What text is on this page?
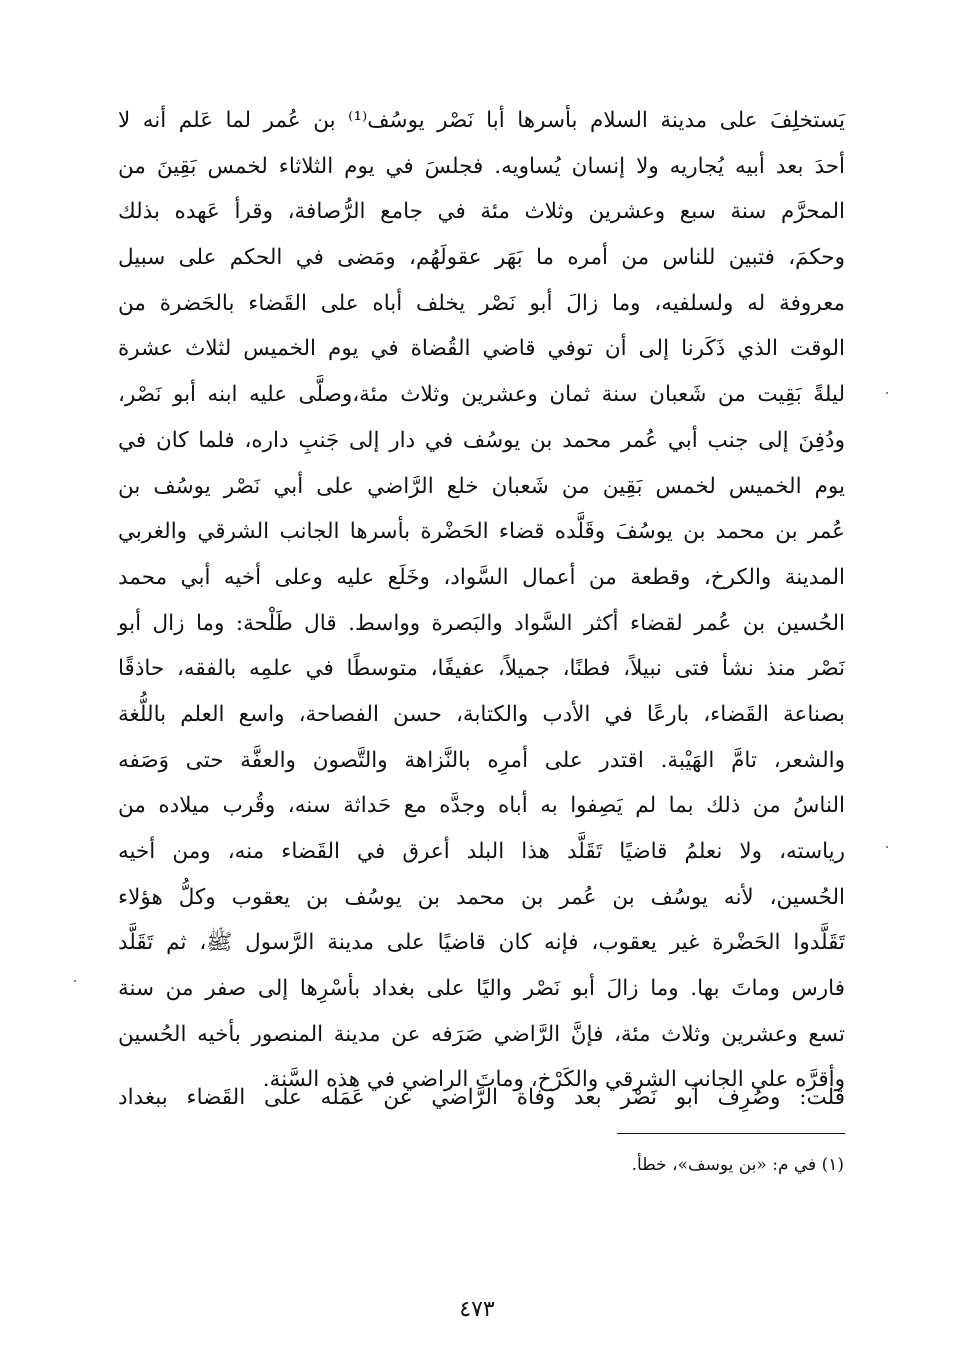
يَستخلِفَ على مدينة السلام بأسرها أبا نَصْر يوسُف⁽¹⁾ بن عُمر لما عَلم أنه لا
أحدَ بعد أبيه يُجاريه ولا إنسان يُساويه. فجلسَ في يوم الثلاثاء لخمس بَقِينَ من
المحرَّم سنة سبع وعشرين وثلاث مئة في جامع الرُّصافة، وقرأ عَهده بذلك
وحكمَ، فتبين للناس من أمره ما بَهَر عقولَهُم، ومَضى في الحكم على سبيل
معروفة له ولسلفيه، وما زالَ أبو نَصْر يخلف أباه على القَضاء بالحَضرة من
الوقت الذي ذَكَرنا إلى أن توفي قاضي القُضاة في يوم الخميس لثلاث عشرة
ليلةً بَقِيت من شَعبان سنة ثمان وعشرين وثلاث مئة،وصلَّى عليه ابنه أبو نَصْر،
ودُفِنَ إلى جنب أبي عُمر محمد بن يوسُف في دار إلى جَنبِ داره، فلما كان في
يوم الخميس لخمس بَقِين من شَعبان خلع الرَّاضي على أبي نَصْر يوسُف بن
عُمر بن محمد بن يوسُفَ وقَلَّده قضاء الحَضْرة بأسرها الجانب الشرقي والغربي
المدينة والكرخ، وقطعة من أعمال السَّواد، وخَلَع عليه وعلى أخيه أبي محمد
الحُسين بن عُمر لقضاء أكثر السَّواد والبَصرة وواسط. قال طَلْحة: وما زال أبو
نَصْر منذ نشأ فتى نبيلاً، فطنًا، جميلاً، عفيفًا، متوسطًا في علمِه بالفقه، حاذقًا
بصناعة القَضاء، بارعًا في الأدب والكتابة، حسن الفصاحة، واسع العلم باللُّغة
والشعر، تامَّ الهَيْبة. اقتدر على أمرِه بالنَّزاهة والتَّصون والعفَّة حتى وَصَفه
الناسُ من ذلك بما لم يَصِفوا به أباه وجدَّه مع حَداثة سنه، وقُرب ميلاده من
رياسته، ولا نعلمُ قاضيًا تَقَلَّد هذا البلد أعرق في القَضاء منه، ومن أخيه
الحُسين، لأنه يوسُف بن عُمر بن محمد بن يوسُف بن يعقوب وكلُّ هؤلاء
تَقَلَّدوا الحَضْرة غير يعقوب، فإنه كان قاضيًا على مدينة الرَّسول ﷺ، ثم تَقَلَّد
فارس وماتَ بها. وما زالَ أبو نَصْر واليًا على بغداد بأسْرِها إلى صفر من سنة
تسع وعشرين وثلاث مئة، فإنَّ الرَّاضي صَرَفه عن مدينة المنصور بأخيه الحُسين
وأقرَّه على الجانب الشرقي والكَرْخ، وماتَ الراضي في هذه السَّنة.
قلت: وصُرِف أبو نَصْر بعد وفاة الرَّاضي عن عَمَله على القَضاء ببغداد
(١) في م: «بن يوسف»، خطأ.
٤٧٣
